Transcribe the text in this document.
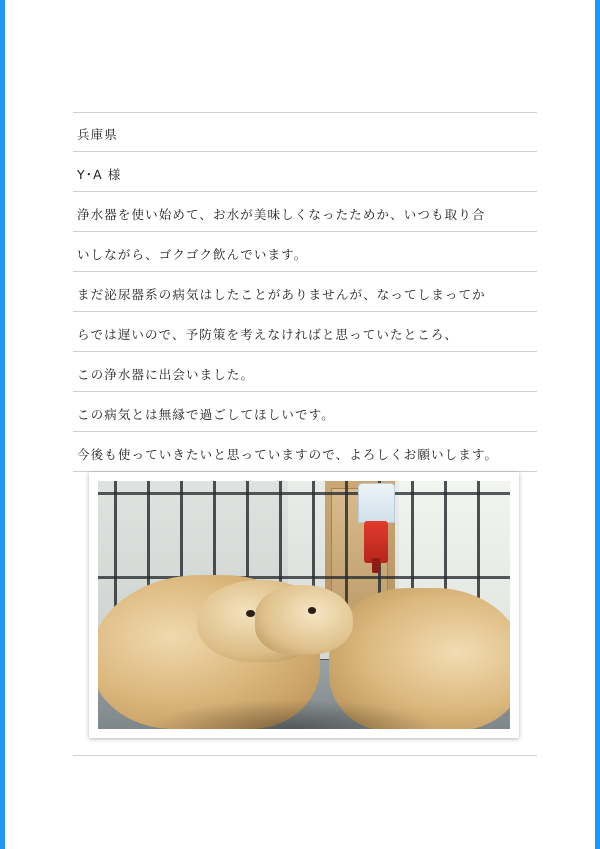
兵庫県
Y･A 様
浄水器を使い始めて、お水が美味しくなったためか、いつも取り合
いしながら、ゴクゴク飲んでいます。
まだ泌尿器系の病気はしたことがありませんが、なってしまってか
らでは遅いので、予防策を考えなければと思っていたところ、
この浄水器に出会いました。
この病気とは無縁で過ごしてほしいです。
今後も使っていきたいと思っていますので、よろしくお願いします。
